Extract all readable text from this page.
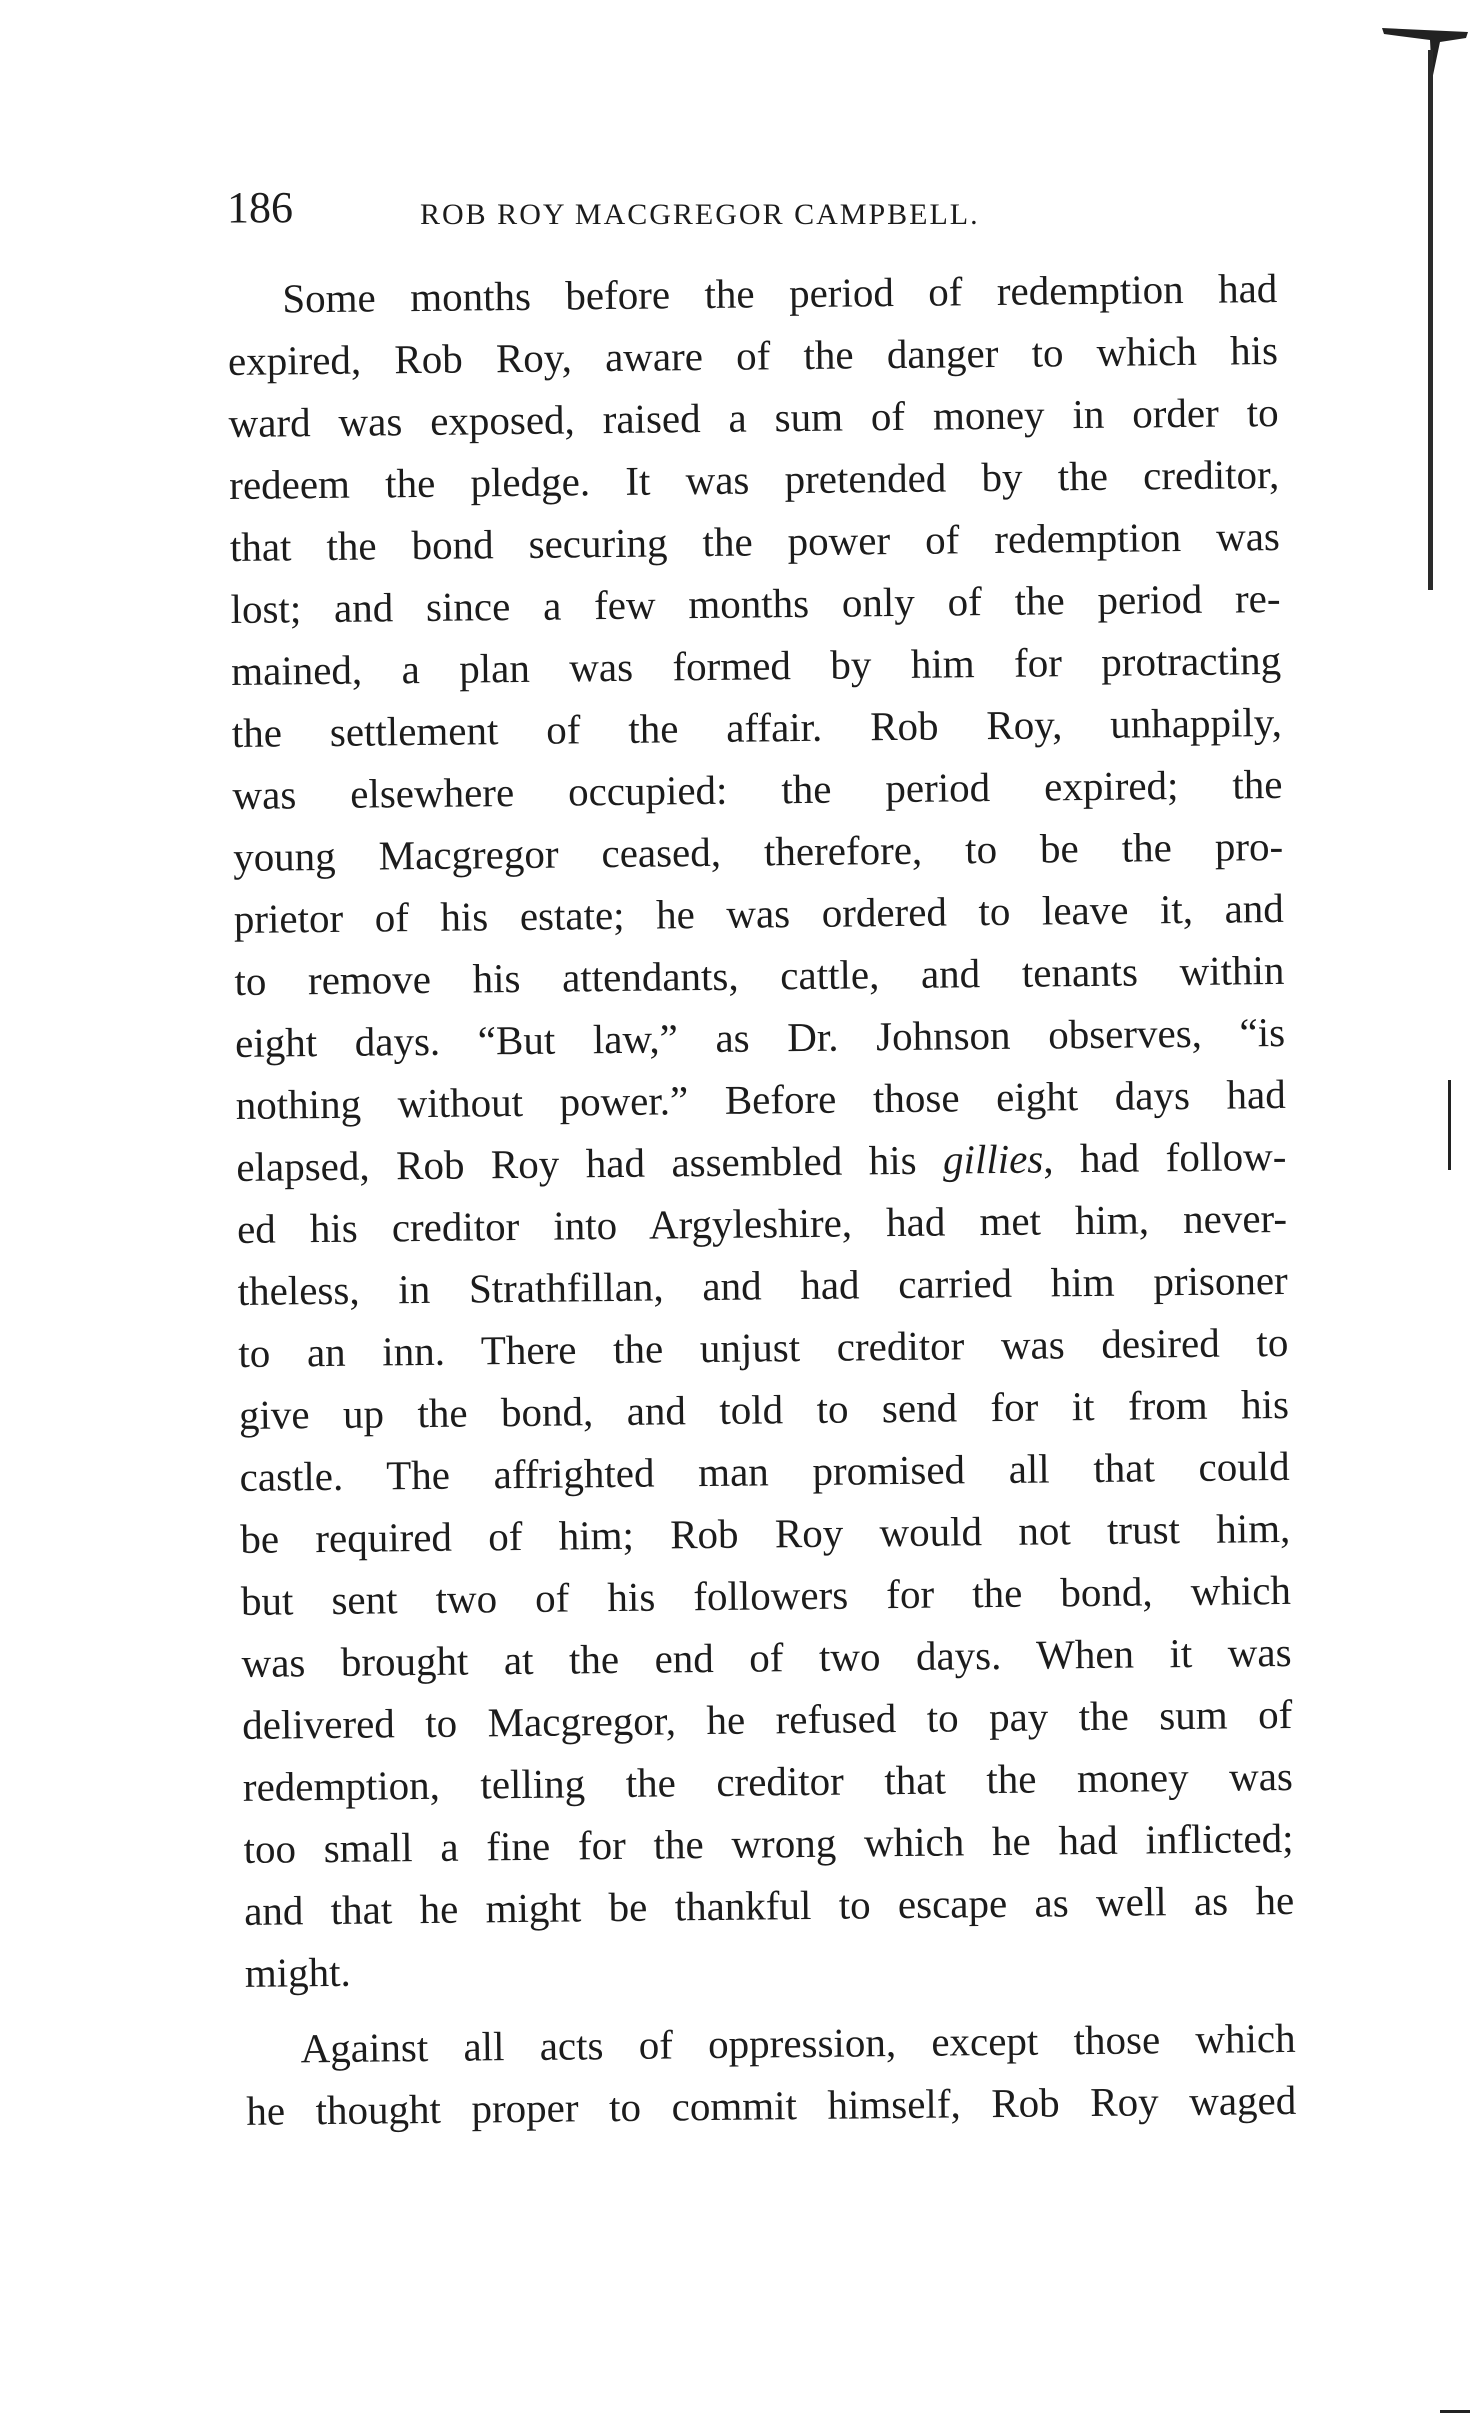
186	ROB ROY MACGREGOR CAMPBELL.

Some months before the period of redemption had
expired, Rob Roy, aware of the danger to which his
ward was exposed, raised a sum of money in order to
redeem the pledge. It was pretended by the creditor,
that the bond securing the power of redemption was
lost; and since a few months only of the period re-
mained, a plan was formed by him for protracting
the settlement of the affair. Rob Roy, unhappily,
was elsewhere occupied: the period expired; the
young Macgregor ceased, therefore, to be the pro-
prietor of his estate; he was ordered to leave it, and
to remove his attendants, cattle, and tenants within
eight days. “But law,” as Dr. Johnson observes, “is
nothing without power.” Before those eight days had
elapsed, Rob Roy had assembled his gillies, had follow-
ed his creditor into Argyleshire, had met him, never-
theless, in Strathfillan, and had carried him prisoner
to an inn. There the unjust creditor was desired to
give up the bond, and told to send for it from his
castle. The affrighted man promised all that could
be required of him; Rob Roy would not trust him,
but sent two of his followers for the bond, which
was brought at the end of two days. When it was
delivered to Macgregor, he refused to pay the sum of
redemption, telling the creditor that the money was
too small a fine for the wrong which he had inflicted;
and that he might be thankful to escape as well as he
might.

Against all acts of oppression, except those which
he thought proper to commit himself, Rob Roy waged
